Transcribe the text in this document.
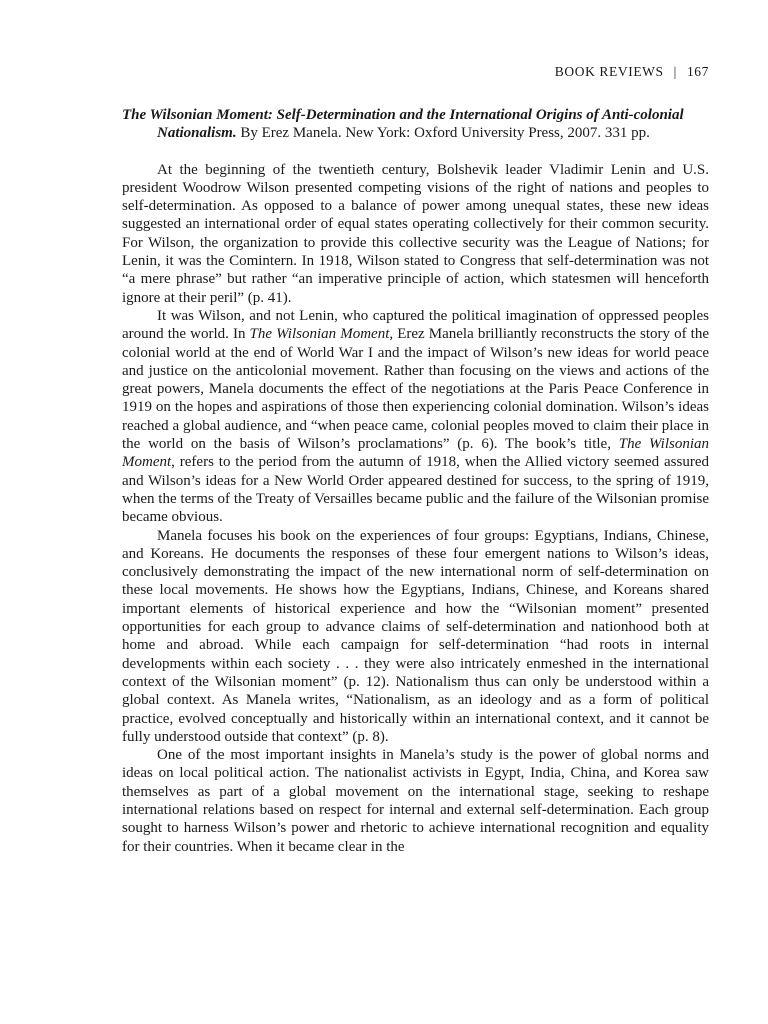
BOOK REVIEWS | 167

The Wilsonian Moment: Self-Determination and the International Origins of Anti-colonial Nationalism. By Erez Manela. New York: Oxford University Press, 2007. 331 pp.

At the beginning of the twentieth century, Bolshevik leader Vladimir Lenin and U.S. president Woodrow Wilson presented competing visions of the right of nations and peoples to self-determination. As opposed to a balance of power among unequal states, these new ideas suggested an international order of equal states operating collectively for their common security. For Wilson, the organization to provide this collective security was the League of Nations; for Lenin, it was the Comintern. In 1918, Wilson stated to Congress that self-determination was not “a mere phrase” but rather “an imperative principle of action, which statesmen will henceforth ignore at their peril” (p. 41).

It was Wilson, and not Lenin, who captured the political imagination of oppressed peoples around the world. In The Wilsonian Moment, Erez Manela brilliantly reconstructs the story of the colonial world at the end of World War I and the impact of Wilson’s new ideas for world peace and justice on the anticolonial movement. Rather than focusing on the views and actions of the great powers, Manela documents the effect of the negotiations at the Paris Peace Conference in 1919 on the hopes and aspirations of those then experiencing colonial domination. Wilson’s ideas reached a global audience, and “when peace came, colonial peoples moved to claim their place in the world on the basis of Wilson’s proclamations” (p. 6). The book’s title, The Wilsonian Moment, refers to the period from the autumn of 1918, when the Allied victory seemed assured and Wilson’s ideas for a New World Order appeared destined for success, to the spring of 1919, when the terms of the Treaty of Versailles became public and the failure of the Wilsonian promise became obvious.

Manela focuses his book on the experiences of four groups: Egyptians, Indians, Chinese, and Koreans. He documents the responses of these four emergent nations to Wilson’s ideas, conclusively demonstrating the impact of the new international norm of self-determination on these local movements. He shows how the Egyptians, Indians, Chinese, and Koreans shared important elements of historical experience and how the “Wilsonian moment” presented opportunities for each group to advance claims of self-determination and nationhood both at home and abroad. While each campaign for self-determination “had roots in internal developments within each society . . . they were also intricately enmeshed in the international context of the Wilsonian moment” (p. 12). Nationalism thus can only be understood within a global context. As Manela writes, “Nationalism, as an ideology and as a form of political practice, evolved conceptually and historically within an international context, and it cannot be fully understood outside that context” (p. 8).

One of the most important insights in Manela’s study is the power of global norms and ideas on local political action. The nationalist activists in Egypt, India, China, and Korea saw themselves as part of a global movement on the international stage, seeking to reshape international relations based on respect for internal and external self-determination. Each group sought to harness Wilson’s power and rhetoric to achieve international recognition and equality for their countries. When it became clear in the
